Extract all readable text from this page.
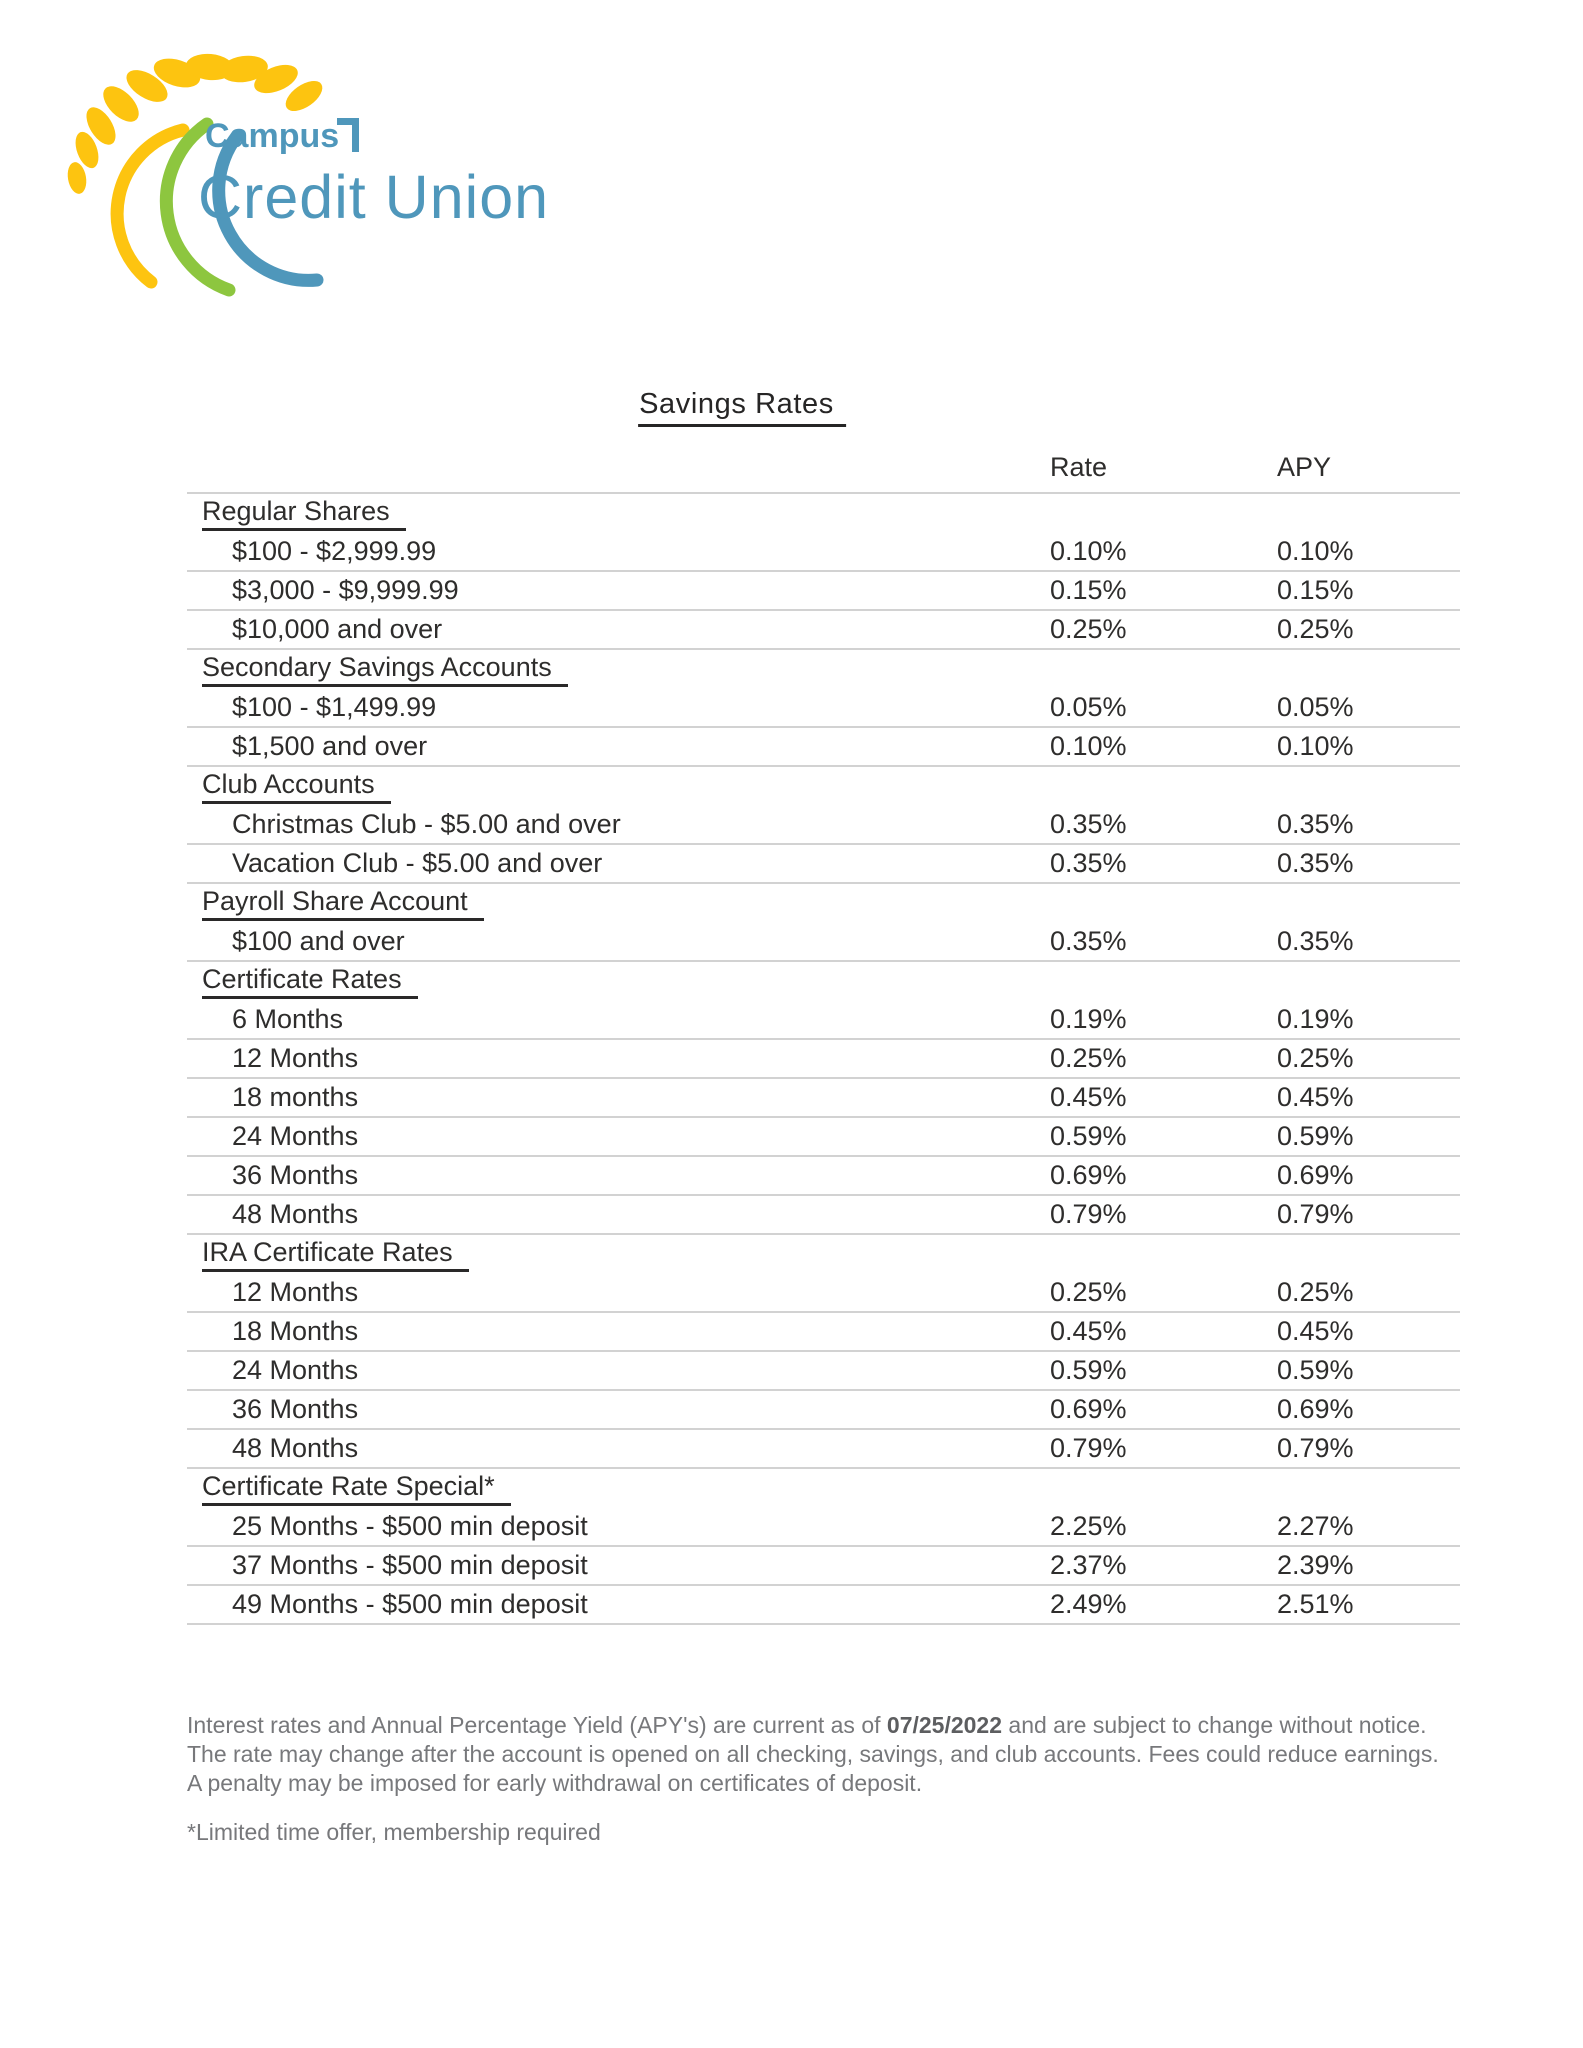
Campus
Credit Union
Savings Rates
Rate	APY
Regular Shares
$100 - $2,999.99	0.10%	0.10%
$3,000 - $9,999.99	0.15%	0.15%
$10,000 and over	0.25%	0.25%
Secondary Savings Accounts
$100 - $1,499.99	0.05%	0.05%
$1,500 and over	0.10%	0.10%
Club Accounts
Christmas Club - $5.00 and over	0.35%	0.35%
Vacation Club - $5.00 and over	0.35%	0.35%
Payroll Share Account
$100 and over	0.35%	0.35%
Certificate Rates
6 Months	0.19%	0.19%
12 Months	0.25%	0.25%
18 months	0.45%	0.45%
24 Months	0.59%	0.59%
36 Months	0.69%	0.69%
48 Months	0.79%	0.79%
IRA Certificate Rates
12 Months	0.25%	0.25%
18 Months	0.45%	0.45%
24 Months	0.59%	0.59%
36 Months	0.69%	0.69%
48 Months	0.79%	0.79%
Certificate Rate Special*
25 Months - $500 min deposit	2.25%	2.27%
37 Months - $500 min deposit	2.37%	2.39%
49 Months - $500 min deposit	2.49%	2.51%

Interest rates and Annual Percentage Yield (APY's) are current as of 07/25/2022 and are subject to change without notice. The rate may change after the account is opened on all checking, savings, and club accounts. Fees could reduce earnings. A penalty may be imposed for early withdrawal on certificates of deposit.

*Limited time offer, membership required
